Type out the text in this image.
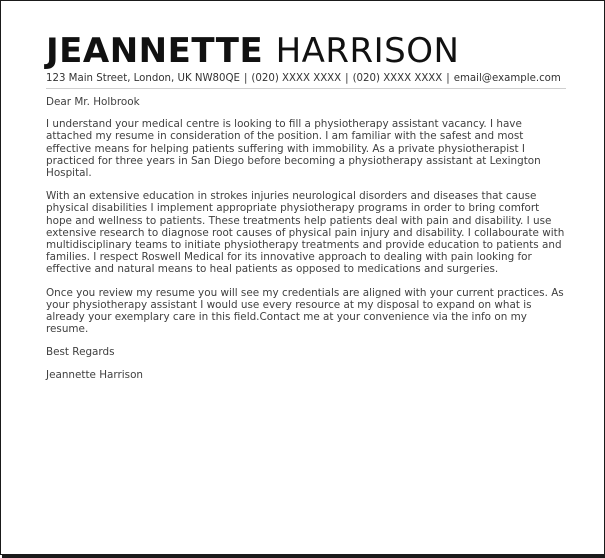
JEANNETTE HARRISON
123 Main Street, London, UK NW80QE | (020) XXXX XXXX | (020) XXXX XXXX | email@example.com

Dear Mr. Holbrook

I understand your medical centre is looking to fill a physiotherapy assistant vacancy. I have attached my resume in consideration of the position. I am familiar with the safest and most effective means for helping patients suffering with immobility. As a private physiotherapist I practiced for three years in San Diego before becoming a physiotherapy assistant at Lexington Hospital.

With an extensive education in strokes injuries neurological disorders and diseases that cause physical disabilities I implement appropriate physiotherapy programs in order to bring comfort hope and wellness to patients. These treatments help patients deal with pain and disability. I use extensive research to diagnose root causes of physical pain injury and disability. I collabourate with multidisciplinary teams to initiate physiotherapy treatments and provide education to patients and families. I respect Roswell Medical for its innovative approach to dealing with pain looking for effective and natural means to heal patients as opposed to medications and surgeries.

Once you review my resume you will see my credentials are aligned with your current practices. As your physiotherapy assistant I would use every resource at my disposal to expand on what is already your exemplary care in this field.Contact me at your convenience via the info on my resume.

Best Regards

Jeannette Harrison
